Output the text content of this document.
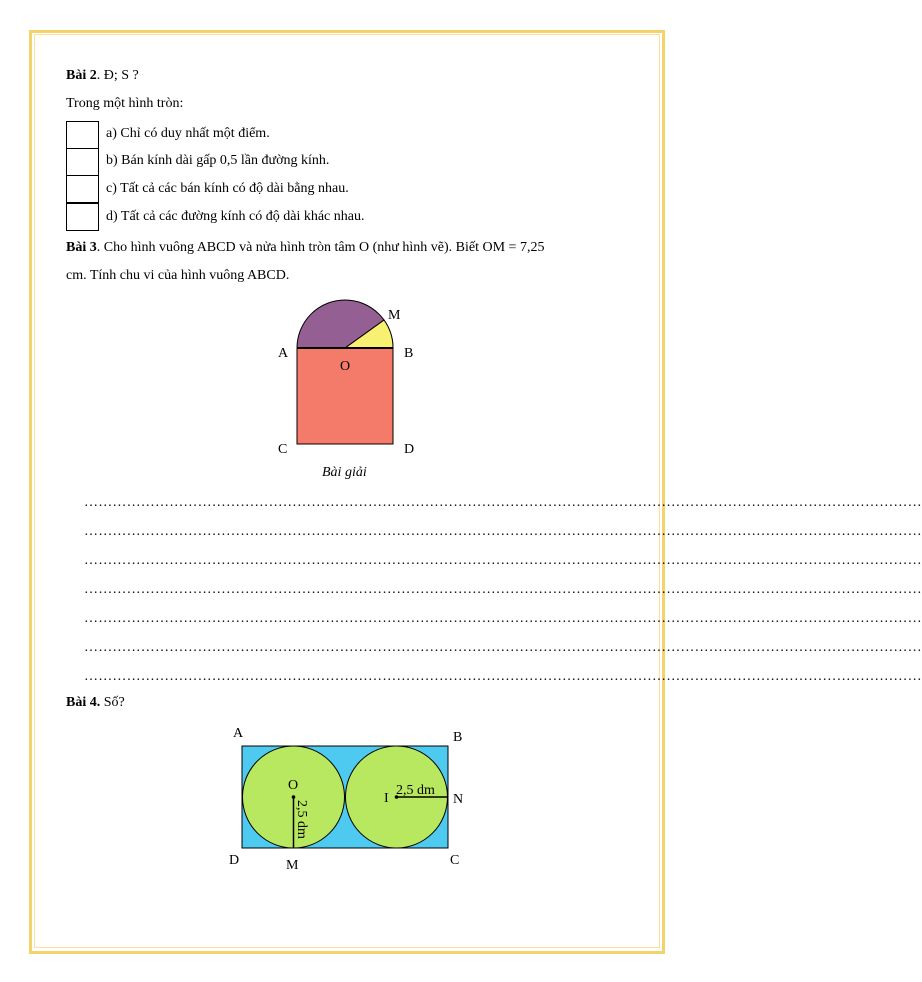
Bài 2. Đ; S ?
Trong một hình tròn:
a) Chỉ có duy nhất một điểm.
b) Bán kính dài gấp 0,5 lần đường kính.
c) Tất cả các bán kính có độ dài bằng nhau.
d) Tất cả các đường kính có độ dài khác nhau.
Bài 3. Cho hình vuông ABCD và nửa hình tròn tâm O (như hình vẽ). Biết OM = 7,25
cm. Tính chu vi của hình vuông ABCD.
A	B
C	D
O
M
Bài giải
……………………………………………………………………………………………………………………………………………………………
……………………………………………………………………………………………………………………………………………………………
……………………………………………………………………………………………………………………………………………………………
……………………………………………………………………………………………………………………………………………………………
……………………………………………………………………………………………………………………………………………………………
……………………………………………………………………………………………………………………………………………………………
……………………………………………………………………………………………………………………………………………………………
Bài 4. Số?
A	B
D	C
M
N
O
I
2,5 dm
2,5 dm
